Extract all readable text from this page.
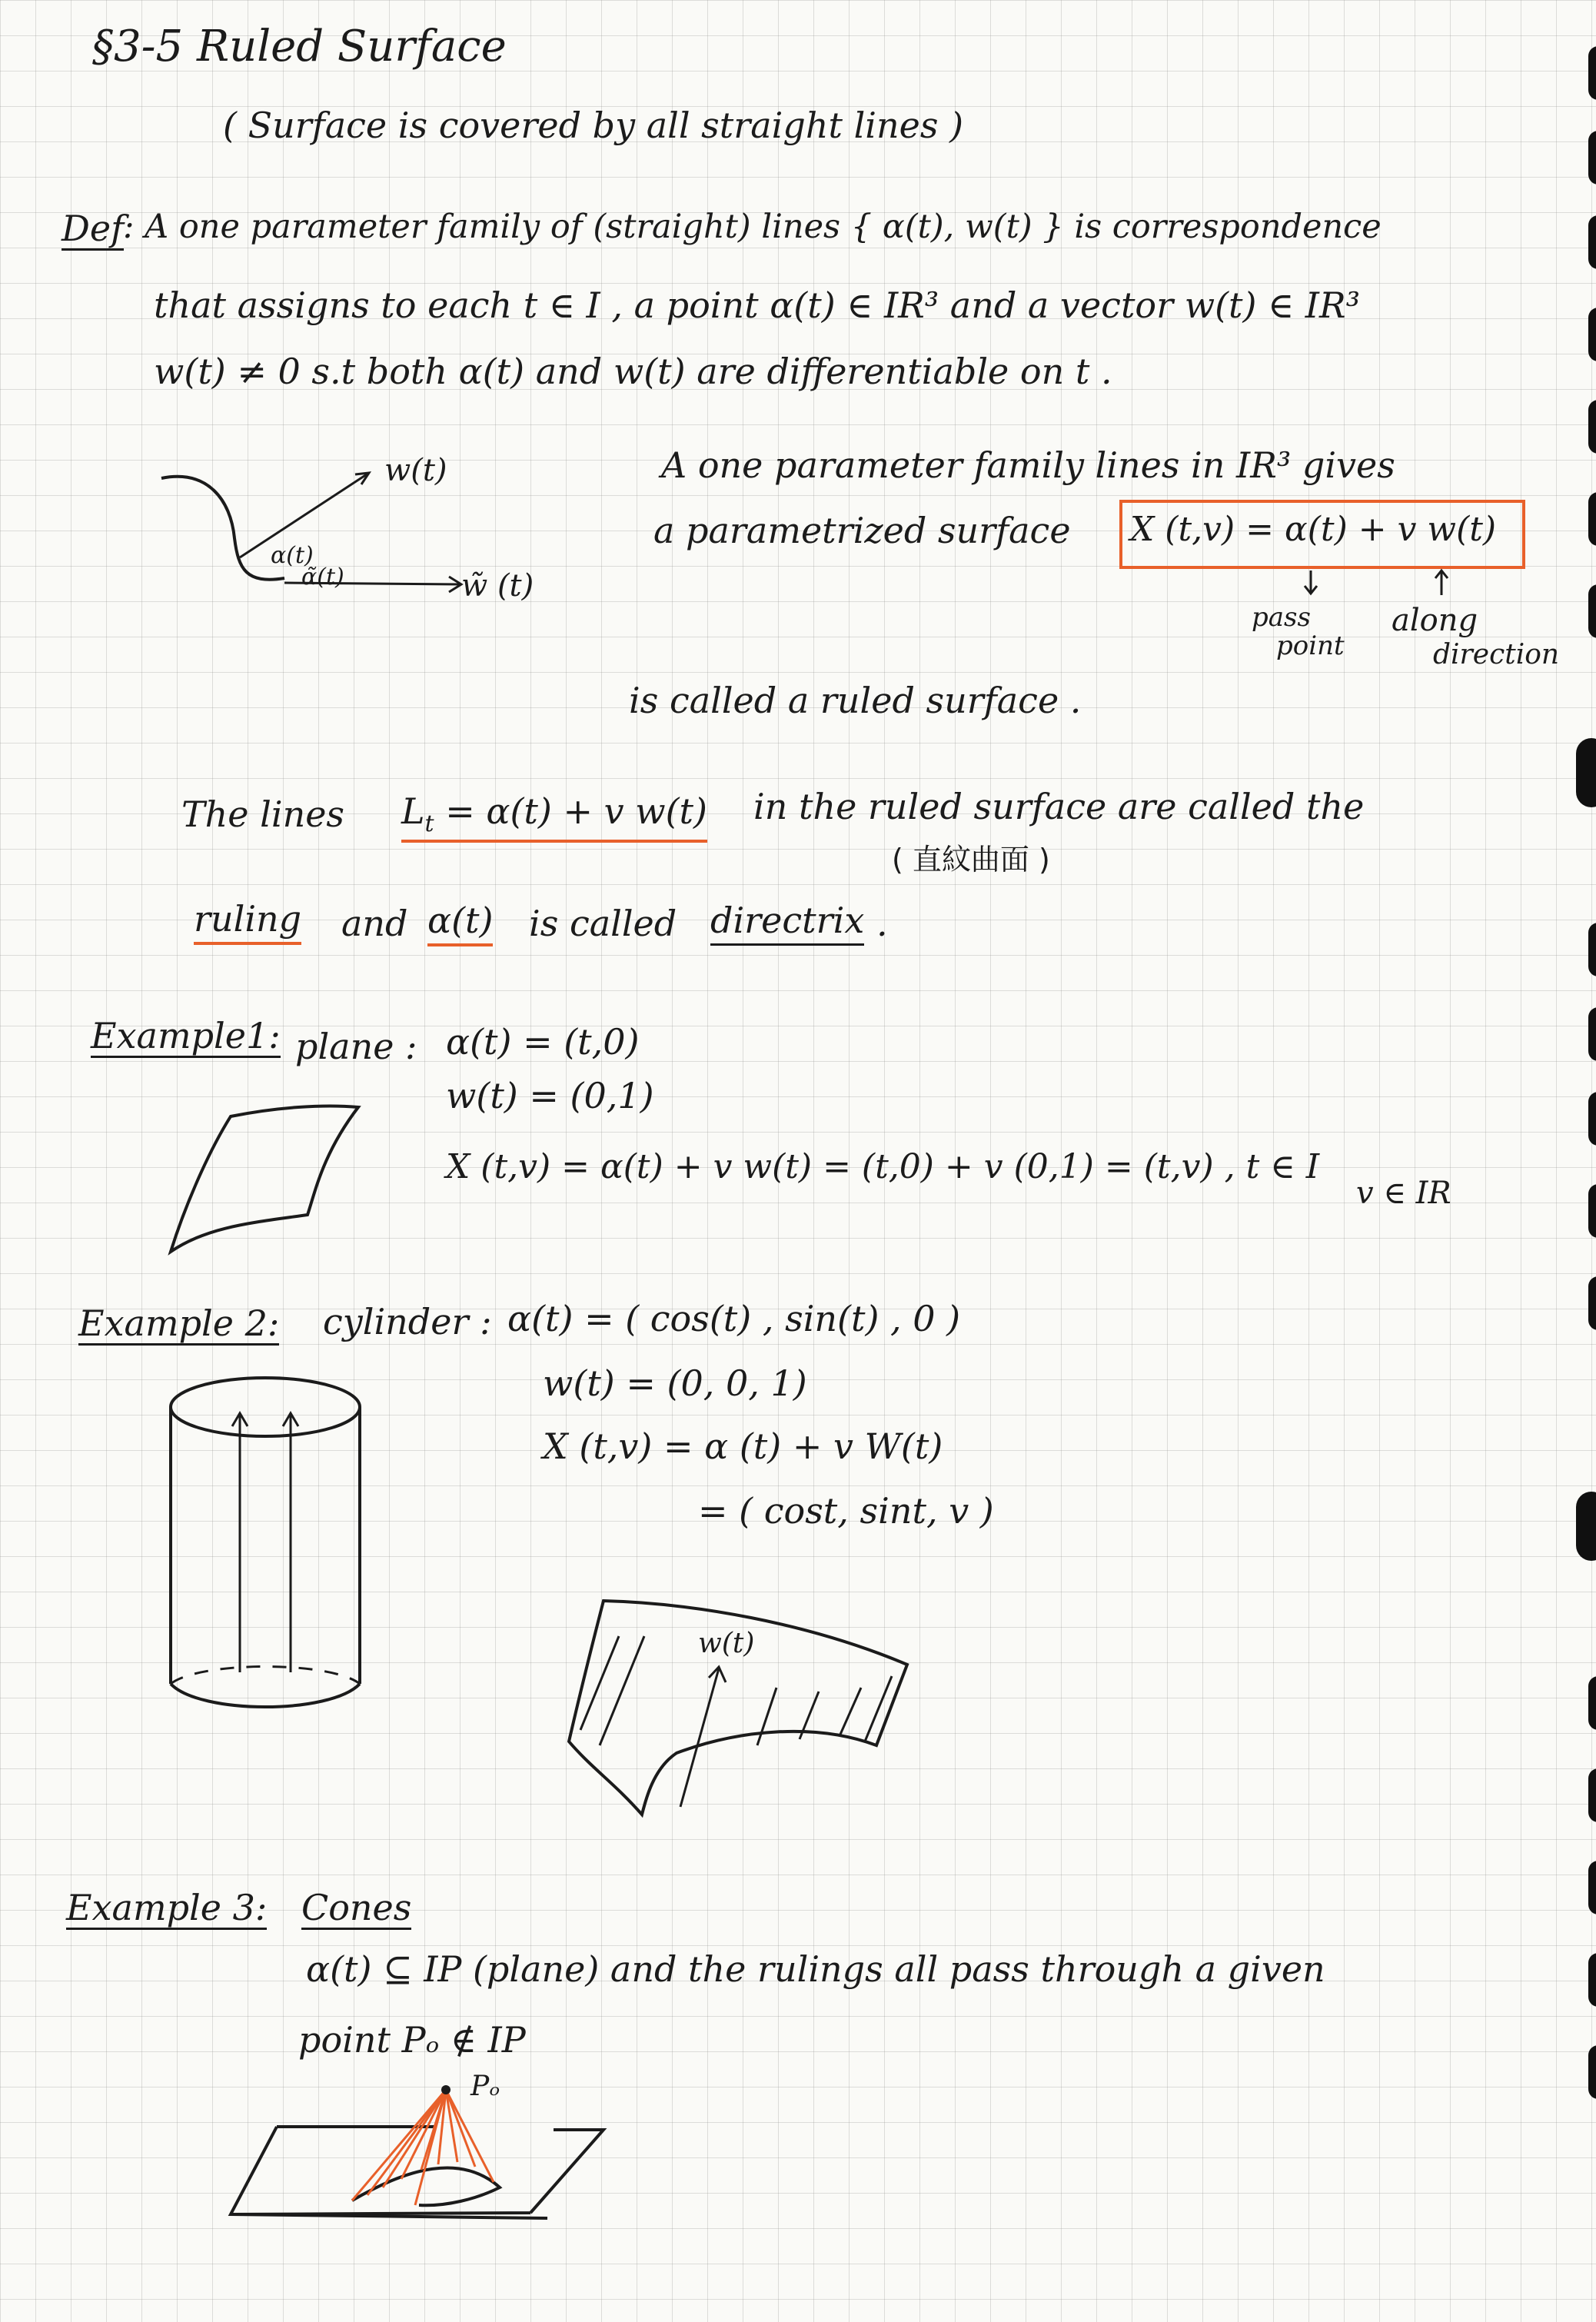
§3-5 Ruled Surface
( Surface is covered by all straight lines )
Def
: A one parameter family of (straight) lines { α(t), w(t) } is correspondence
that assigns to each t ∈ I , a point α(t) ∈ IR³ and a vector w(t) ∈ IR³
w(t) ≠ 0 s.t both α(t) and w(t) are differentiable on t .
w(t)
α(t)
α̃(t)	w̃ (t)
A one parameter family lines in IR³ gives
a parametrized surface X (t,v) = α(t) + v w(t)
pass
point
along
direction
is called a ruled surface .
The lines $L_t = \alpha(t) + v$ w(t) in the ruled surface are called the
( 直紋曲面 )
ruling and α(t) is called directrix .
Example1: plane : α(t) = (t,0)
w(t) = (0,1)
X (t,v) = α(t) + v w(t) = (t,0) + v (0,1) = (t,v) , t ∈ I
v ∈ IR
Example 2: cylinder : α(t) = ( cos(t) , sin(t) , 0 )
w(t) = (0, 0, 1)
X (t,v) = α (t) + v W(t)
= ( cost, sint, v )
w(t)
Example 3: Cones
α(t) ⊆ IP (plane) and the rulings all pass through a given
point Pₒ ∉ IP
Pₒ
